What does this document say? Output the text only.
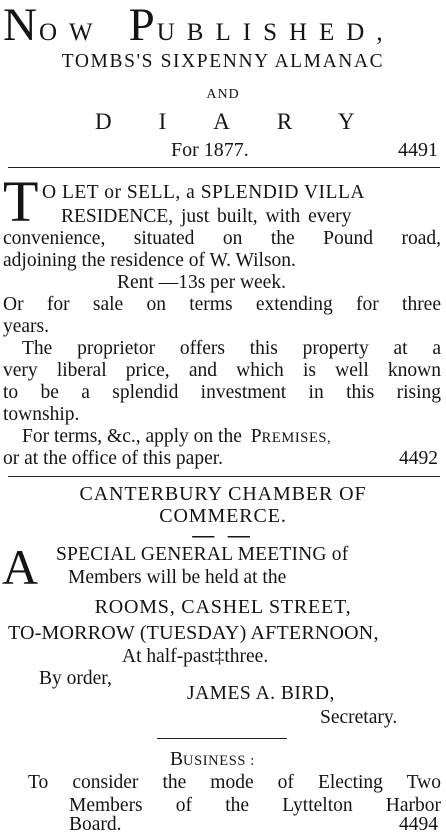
NOW PUBLISHED,
TOMBS'S SIXPENNY ALMANAC
AND
DIARY
For 1877.	4491
T O LET or SELL, a SPLENDID VILLA
RESIDENCE, just built, with every
convenience, situated on the Pound road,
adjoining the residence of W. Wilson.
Rent —13s per week.
Or for sale on terms extending for three
years.
The proprietor offers this property at a
very liberal price, and which is well known
to be a splendid investment in this rising
township.
For terms, &c., apply on the PREMISES,
or at the office of this paper.	4492
CANTERBURY CHAMBER OF
COMMERCE.
— —
A SPECIAL GENERAL MEETING of
Members will be held at the
ROOMS, CASHEL STREET,
TO-MORROW (TUESDAY) AFTERNOON,
At half-past‡three.
By order,
JAMES A. BIRD,
Secretary.
BUSINESS :
To consider the mode of Electing Two
Members of the Lyttelton Harbor
Board.	4494
